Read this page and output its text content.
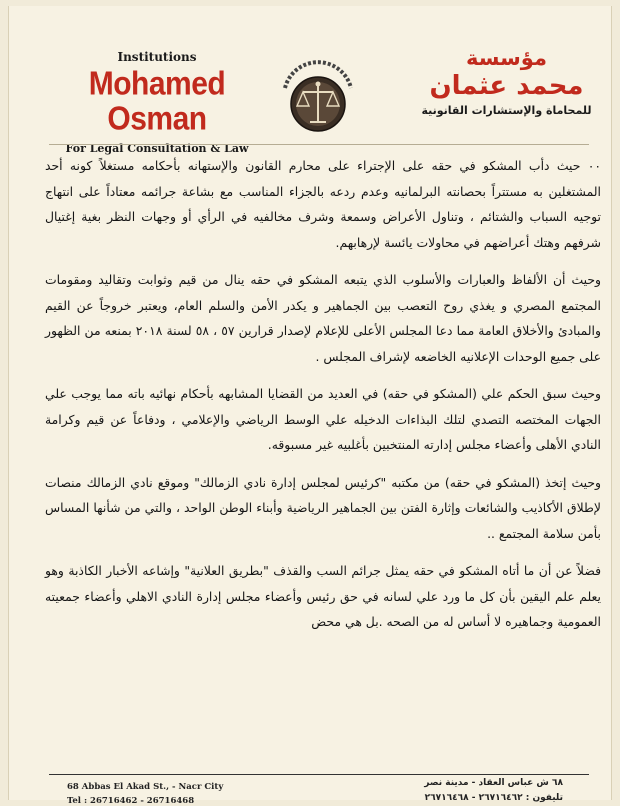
Institutions
Mohamed Osman
For Legal Consultation & Law
مؤسسة
محمد عثمان
للمحاماة والإستشارات القانونية

٠٠ حيث دأب المشكو في حقه على الإجتراء على محارم القانون والإستهانه بأحكامه مستغلاً كونه أحد المشتغلين به مستتراً بحصانته البرلمانيه وعدم ردعه بالجزاء المناسب مع بشاعة جرائمه معتاداً على انتهاج توجيه السباب والشتائم ، وتناول الأعراض وسمعة وشرف مخالفيه في الرأي أو وجهات النظر بغية إغتيال شرفهم وهتك أعراضهم في محاولات يائسة لإرهابهم.

وحيث أن الألفاظ والعبارات والأسلوب الذي يتبعه المشكو في حقه ينال من قيم وثوابت وتقاليد ومقومات المجتمع المصري و يغذي روح التعصب بين الجماهير و يكدر الأمن والسلم العام، ويعتبر خروجاً عن القيم والمبادئ والأخلاق العامة مما دعا المجلس الأعلى للإعلام لإصدار قرارين ٥٧ ، ٥٨ لسنة ٢٠١٨ بمنعه من الظهور على جميع الوحدات الإعلانيه الخاضعه لإشراف المجلس .

وحيث سبق الحكم علي (المشكو في حقه) في العديد من القضايا المشابهه بأحكام نهائيه باته مما يوجب علي الجهات المختصه التصدي لتلك البذاءات الدخيله علي الوسط الرياضي والإعلامي ، ودفاعاً عن قيم وكرامة النادي الأهلى وأعضاء مجلس إدارته المنتخبين بأغلبيه غير مسبوقه.

وحيث إتخذ (المشكو في حقه) من مكتبه "كرئيس لمجلس إدارة نادي الزمالك" وموقع نادي الزمالك منصات لإطلاق الأكاذيب والشائعات وإثارة الفتن بين الجماهير الرياضية وأبناء الوطن الواحد ، والتي من شأنها المساس بأمن سلامة المجتمع ..

فضلاً عن أن ما أتاه المشكو في حقه يمثل جرائم السب والقذف "بطريق العلانية" وإشاعه الأخبار الكاذبة وهو يعلم علم اليقين بأن كل ما ورد علي لسانه في حق رئيس وأعضاء مجلس إدارة النادي الاهلي وأعضاء جمعيته العمومية وجماهيره لا أساس له من الصحه .بل هي محض

68 Abbas El Akad St., - Nacr City
Tel : 26716462 - 26716468
٦٨ ش عباس العقاد - مدينة نصر
تليفون : ٢٦٧١٦٤٦٢ - ٢٦٧١٦٤٦٨
